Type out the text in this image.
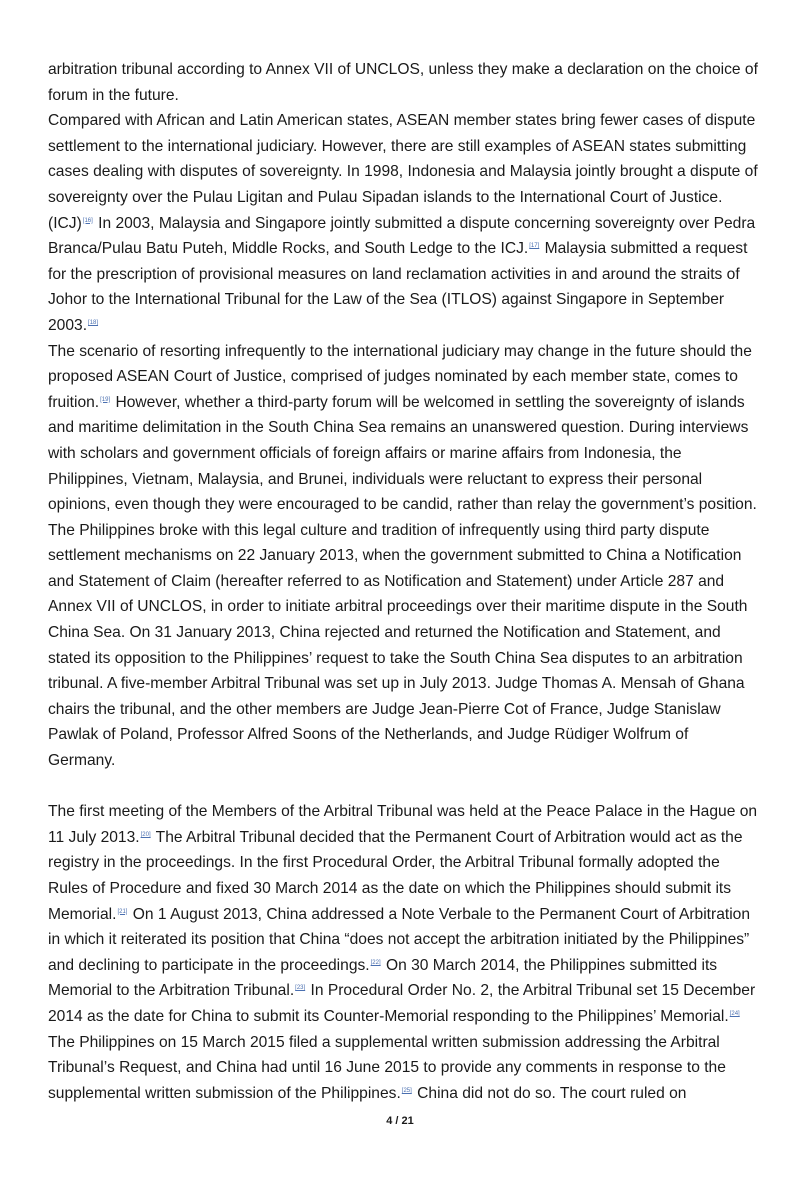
arbitration tribunal according to Annex VII of UNCLOS, unless they make a declaration on the choice of forum in the future.

Compared with African and Latin American states, ASEAN member states bring fewer cases of dispute settlement to the international judiciary. However, there are still examples of ASEAN states submitting cases dealing with disputes of sovereignty. In 1998, Indonesia and Malaysia jointly brought a dispute of sovereignty over the Pulau Ligitan and Pulau Sipadan islands to the International Court of Justice. (ICJ)[16] In 2003, Malaysia and Singapore jointly submitted a dispute concerning sovereignty over Pedra Branca/Pulau Batu Puteh, Middle Rocks, and South Ledge to the ICJ.[17] Malaysia submitted a request for the prescription of provisional measures on land reclamation activities in and around the straits of Johor to the International Tribunal for the Law of the Sea (ITLOS) against Singapore in September 2003.[18]

The scenario of resorting infrequently to the international judiciary may change in the future should the proposed ASEAN Court of Justice, comprised of judges nominated by each member state, comes to fruition.[19] However, whether a third-party forum will be welcomed in settling the sovereignty of islands and maritime delimitation in the South China Sea remains an unanswered question. During interviews with scholars and government officials of foreign affairs or marine affairs from Indonesia, the Philippines, Vietnam, Malaysia, and Brunei, individuals were reluctant to express their personal opinions, even though they were encouraged to be candid, rather than relay the government’s position.

The Philippines broke with this legal culture and tradition of infrequently using third party dispute settlement mechanisms on 22 January 2013, when the government submitted to China a Notification and Statement of Claim (hereafter referred to as Notification and Statement) under Article 287 and Annex VII of UNCLOS, in order to initiate arbitral proceedings over their maritime dispute in the South China Sea. On 31 January 2013, China rejected and returned the Notification and Statement, and stated its opposition to the Philippines’ request to take the South China Sea disputes to an arbitration tribunal. A five-member Arbitral Tribunal was set up in July 2013. Judge Thomas A. Mensah of Ghana chairs the tribunal, and the other members are Judge Jean-Pierre Cot of France, Judge Stanislaw Pawlak of Poland, Professor Alfred Soons of the Netherlands, and Judge Rüdiger Wolfrum of Germany.

The first meeting of the Members of the Arbitral Tribunal was held at the Peace Palace in the Hague on 11 July 2013.[20] The Arbitral Tribunal decided that the Permanent Court of Arbitration would act as the registry in the proceedings. In the first Procedural Order, the Arbitral Tribunal formally adopted the Rules of Procedure and fixed 30 March 2014 as the date on which the Philippines should submit its Memorial.[21] On 1 August 2013, China addressed a Note Verbale to the Permanent Court of Arbitration in which it reiterated its position that China “does not accept the arbitration initiated by the Philippines” and declining to participate in the proceedings.[22] On 30 March 2014, the Philippines submitted its Memorial to the Arbitration Tribunal.[23] In Procedural Order No. 2, the Arbitral Tribunal set 15 December 2014 as the date for China to submit its Counter-Memorial responding to the Philippines’ Memorial.[24] The Philippines on 15 March 2015 filed a supplemental written submission addressing the Arbitral Tribunal’s Request, and China had until 16 June 2015 to provide any comments in response to the supplemental written submission of the Philippines.[25] China did not do so. The court ruled on

4 / 21
